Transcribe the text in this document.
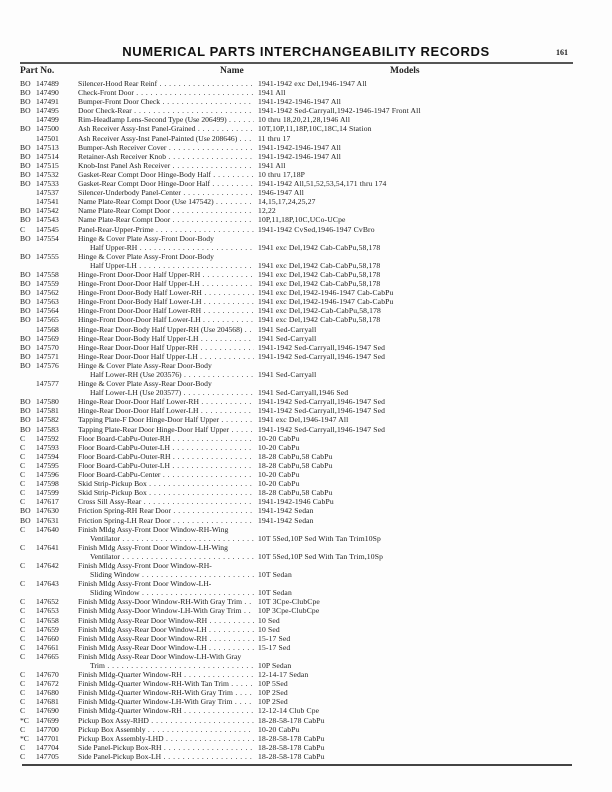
NUMERICAL PARTS INTERCHANGEABILITY RECORDS	161
Part No.	Name	Models
BO 147489	Silencer-Hood Rear Reinf . . .	1941-1942 exc Del,1946-1947 All
BO 147490	Check-Front Door . . .	1941 All
BO 147491	Bumper-Front Door Check . . .	1941-1942-1946-1947 All
BO 147495	Door Check-Rear . . .	1941-1942 Sed-Carryall,1942-1946-1947 Front All
147499	Rim-Headlamp Lens-Second Type (Use 206499) . . .	10 thru 18,20,21,28,1946 All
BO 147500	Ash Receiver Assy-Inst Panel-Grained . . .	10T,10P,11,18P,10C,18C,14 Station
147501	Ash Receiver Assy-Inst Panel-Painted (Use 208646) . . .	11 thru 17
BO 147513	Bumper-Ash Receiver Cover . . .	1941-1942-1946-1947 All
BO 147514	Retainer-Ash Receiver Knob . . .	1941-1942-1946-1947 All
BO 147515	Knob-Inst Panel Ash Receiver . . .	1941 All
BO 147532	Gasket-Rear Compt Door Hinge-Body Half . . .	10 thru 17,18P
BO 147533	Gasket-Rear Compt Door Hinge-Door Half . . .	1941-1942 All,51,52,53,54,171 thru 174
147537	Silencer-Underbody Panel-Center . . .	1946-1947 All
147541	Name Plate-Rear Compt Door (Use 147542) . . .	14,15,17,24,25,27
BO 147542	Name Plate-Rear Compt Door . . .	12,22
BO 147543	Name Plate-Rear Compt Door . . .	10P,11,18P,10C,UCo-UCpe
C 147545	Panel-Rear-Upper-Prime . . .	1941-1942 CvSed,1946-1947 CvBro
BO 147554	Hinge & Cover Plate Assy-Front Door-Body
Half Upper-RH . . .	1941 exc Del,1942 Cab-CabPu,58,178
BO 147555	Hinge & Cover Plate Assy-Front Door-Body
Half Upper-LH . . .	1941 exc Del,1942 Cab-CabPu,58,178
BO 147558	Hinge-Front Door-Door Half Upper-RH . . .	1941 exc Del,1942 Cab-CabPu,58,178
BO 147559	Hinge-Front Door-Door Half Upper-LH . . .	1941 exc Del,1942 Cab-CabPu,58,178
BO 147562	Hinge-Front Door-Body Half Lower-RH . . .	1941 exc Del,1942-1946-1947 Cab-CabPu
BO 147563	Hinge-Front Door-Body Half Lower-LH . . .	1941 exc Del,1942-1946-1947 Cab-CabPu
BO 147564	Hinge-Front Door-Door Half Lower-RH . . .	1941 exc Del,1942-Cab-CabPu,58,178
BO 147565	Hinge-Front Door-Door Half Lower-LH . . .	1941 exc Del,1942 Cab-CabPu,58,178
147568	Hinge-Rear Door-Body Half Upper-RH (Use 204568) . . .	1941 Sed-Carryall
BO 147569	Hinge-Rear Door-Body Half Upper-LH . . .	1941 Sed-Carryall
BO 147570	Hinge-Rear Door-Door Half Upper-RH . . .	1941-1942 Sed-Carryall,1946-1947 Sed
BO 147571	Hinge-Rear Door-Door Half Upper-LH . . .	1941-1942 Sed-Carryall,1946-1947 Sed
BO 147576	Hinge & Cover Plate Assy-Rear Door-Body
Half Lower-RH (Use 203576) . . .	1941 Sed-Carryall
147577	Hinge & Cover Plate Assy-Rear Door-Body
Half Lower-LH (Use 203577) . . .	1941 Sed-Carryall,1946 Sed
BO 147580	Hinge-Rear Door-Door Half Lower-RH . . .	1941-1942 Sed-Carryall,1946-1947 Sed
BO 147581	Hinge-Rear Door-Door Half Lower-LH . . .	1941-1942 Sed-Carryall,1946-1947 Sed
BO 147582	Tapping Plate-F Door Hinge-Door Half Upper . . .	1941 exc Del,1946-1947 All
BO 147583	Tapping Plate-Rear Door Hinge-Door Half Upper . . .	1941-1942 Sed-Carryall,1946-1947 Sed
C 147592	Floor Board-CabPu-Outer-RH . . .	10-20 CabPu
C 147593	Floor Board-CabPu-Outer-LH . . .	10-20 CabPu
C 147594	Floor Board-CabPu-Outer-RH . . .	18-28 CabPu,58 CabPu
C 147595	Floor Board-CabPu-Outer-LH . . .	18-28 CabPu,58 CabPu
C 147596	Floor Board-CabPu-Center . . .	10-20 CabPu
C 147598	Skid Strip-Pickup Box . . .	10-20 CabPu
C 147599	Skid Strip-Pickup Box . . .	18-28 CabPu,58 CabPu
C 147617	Cross Sill Assy-Rear . . .	1941-1942-1946 CabPu
BO 147630	Friction Spring-RH Rear Door . . .	1941-1942 Sedan
BO 147631	Friction Spring-LH Rear Door . . .	1941-1942 Sedan
C 147640	Finish Mldg Assy-Front Door Window-RH-Wing
Ventilator . . .	10T 5Sed,10P Sed With Tan Trim10Sp
C 147641	Finish Mldg Assy-Front Door Window-LH-Wing
Ventilator . . .	10T 5Sed,10P Sed With Tan Trim,10Sp
C 147642	Finish Mldg Assy-Front Door Window-RH-
Sliding Window . . .	10T Sedan
C 147643	Finish Mldg Assy-Front Door Window-LH-
Sliding Window . . .	10T Sedan
C 147652	Finish Mldg Assy-Door Window-RH-With Gray Trim . . .	10T 3Cpe-ClubCpe
C 147653	Finish Mldg Assy-Door Window-LH-With Gray Trim . . .	10P 3Cpe-ClubCpe
C 147658	Finish Mldg Assy-Rear Door Window-RH . . .	10 Sed
C 147659	Finish Mldg Assy-Rear Door Window-LH . . .	10 Sed
C 147660	Finish Mldg Assy-Rear Door Window-RH . . .	15-17 Sed
C 147661	Finish Mldg Assy-Rear Door Window-LH . . .	15-17 Sed
C 147665	Finish Mldg Assy-Rear Door Window-LH-With Gray
Trim . . .	10P Sedan
C 147670	Finish Mldg-Quarter Window-RH . . .	12-14-17 Sedan
C 147672	Finish Mldg-Quarter Window-RH-With Tan Trim . . .	10P 5Sed
C 147680	Finish Mldg-Quarter Window-RH-With Gray Trim . . .	10P 2Sed
C 147681	Finish Mldg-Quarter Window-LH-With Gray Trim . . .	10P 2Sed
C 147690	Finish Mldg-Quarter Window-RH . . .	12-12-14 Club Cpe
*C 147699	Pickup Box Assy-RHD . . .	18-28-58-178 CabPu
C 147700	Pickup Box Assembly . . .	10-20 CabPu
*C 147701	Pickup Box Assembly-LHD . . .	18-28-58-178 CabPu
C 147704	Side Panel-Pickup Box-RH . . .	18-28-58-178 CabPu
C 147705	Side Panel-Pickup Box-LH . . .	18-28-58-178 CabPu
